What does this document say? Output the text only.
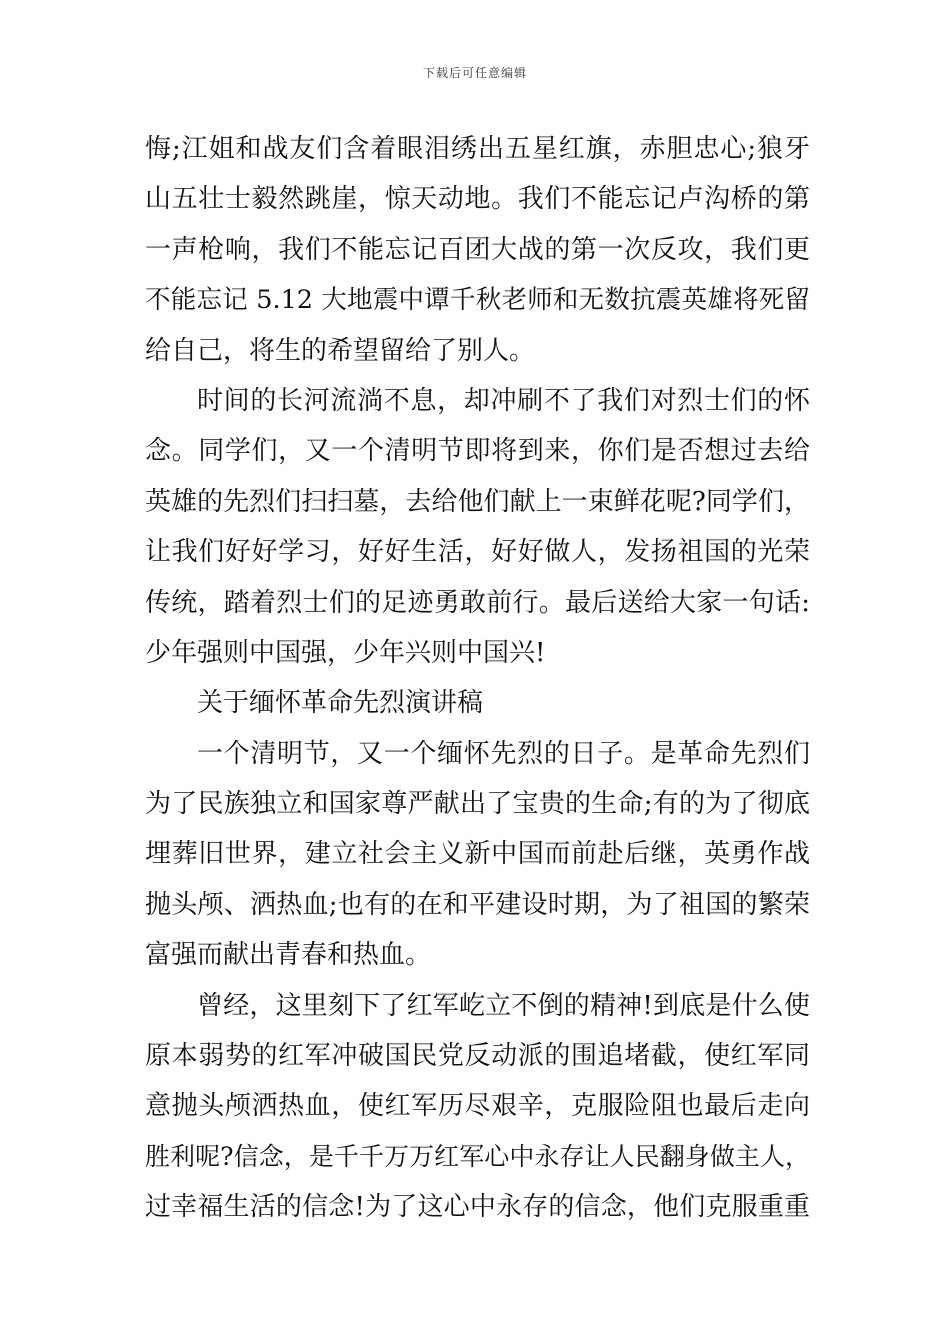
下载后可任意编辑
悔;江姐和战友们含着眼泪绣出五星红旗，赤胆忠心;狼牙
山五壮士毅然跳崖，惊天动地。我们不能忘记卢沟桥的第
一声枪响，我们不能忘记百团大战的第一次反攻，我们更
不能忘记 5.12 大地震中谭千秋老师和无数抗震英雄将死留
给自己，将生的希望留给了别人。
时间的长河流淌不息，却冲刷不了我们对烈士们的怀
念。同学们，又一个清明节即将到来，你们是否想过去给
英雄的先烈们扫扫墓，去给他们献上一束鲜花呢?同学们，
让我们好好学习，好好生活，好好做人，发扬祖国的光荣
传统，踏着烈士们的足迹勇敢前行。最后送给大家一句话:
少年强则中国强，少年兴则中国兴!
关于缅怀革命先烈演讲稿
一个清明节，又一个缅怀先烈的日子。是革命先烈们
为了民族独立和国家尊严献出了宝贵的生命;有的为了彻底
埋葬旧世界，建立社会主义新中国而前赴后继，英勇作战
抛头颅、洒热血;也有的在和平建设时期，为了祖国的繁荣
富强而献出青春和热血。
曾经，这里刻下了红军屹立不倒的精神!到底是什么使
原本弱势的红军冲破国民党反动派的围追堵截，使红军同
意抛头颅洒热血，使红军历尽艰辛，克服险阻也最后走向
胜利呢?信念，是千千万万红军心中永存让人民翻身做主人，
过幸福生活的信念!为了这心中永存的信念，他们克服重重
